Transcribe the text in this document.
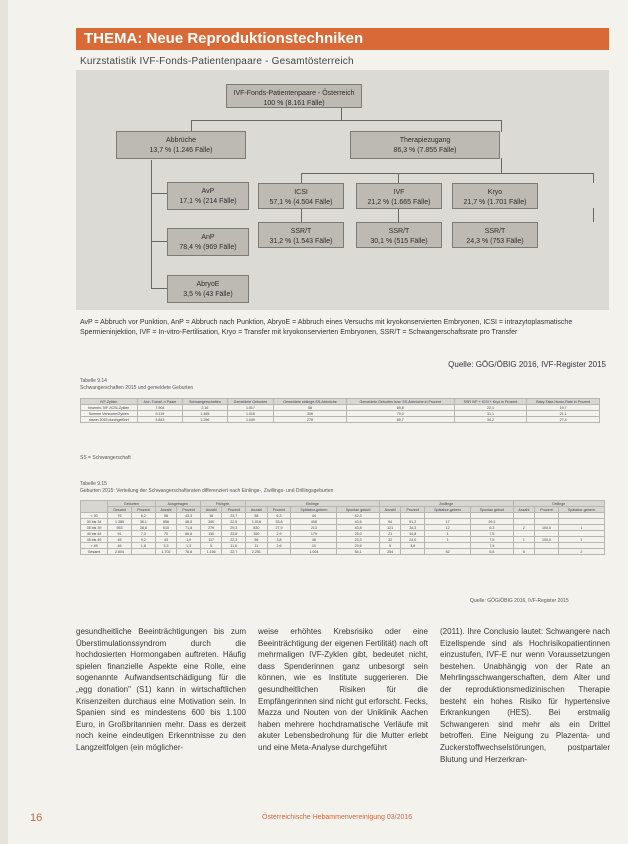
THEMA: Neue Reproduktionstechniken
Kurzstatistik IVF-Fonds-Patientenpaare - Gesamtösterreich
IVF-Fonds-Patientenpaare - Österreich
100 % (8.161 Fälle)
Abbrüche
13,7 % (1.246 Fälle)
Therapiezugang
86,3 % (7.855 Fälle)
AvP
17,1 % (214 Fälle)
AnP
78,4 % (969 Fälle)
AbryoE
3,5 % (43 Fälle)
ICSI
57,1 % (4.504 Fälle)
IVF
21,2 % (1.665 Fälle)
Kryo
21,7 % (1.701 Fälle)
SSR/T
31,2 % (1.543 Fälle)
SSR/T
30,1 % (515 Fälle)
SSR/T
24,3 % (753 Fälle)
AvP = Abbruch vor Punktion, AnP = Abbruch nach Punktion, AbryoE = Abbruch eines Versuchs mit kryokonservierten Embryonen, ICSI = intrazytoplasmatische Spermieninjektion, IVF = In-vitro-Fertilisation, Kryo = Transfer mit kryokonservierten Embryonen, SSR/T = Schwangerschaftsrate pro Transfer
Quelle: GÖG/ÖBIG 2016, IVF-Register 2015
Tabelle 9.14
Schwangerschaften 2015 und gemeldete Geburten
IVF-Zyklen	Anz. Transf. n Paare	Schwangerschaften	Gemeldete Geburten	Gemeldete einlinge-SS-Abbrüche	Gemeldete Geburten bzw. SS-Abbrüche in Prozent	SSR IVF + ICSI + Kryo in Prozent	Baby-Take-Home-Rate in Prozent
Insemin. IVF-/ICSI-Zyklen	7.904	2.16	1.517	58	69,8	22,1	19,7
Summe Versuche/Zyklen	5.119	1.465	1.016	306	70,0	31,1	21,1
davon 2015 durchgeführt	3.843	1.296	1.049	278	80,7	34,2	27,4
SS = Schwangerschaft
Tabelle 9.15
Geburten 2015: Verteilung der Schwangerschaftsraten differenziert nach Einlinge-, Zwillings- und Drillingsgeburten
	Geburten		Ausgetragen		Frühgeb.		Einlinge				Zwillinge				Drillinge		
	Gesamt	Prozent	Anzahl	Prozent	Anzahl	Prozent	Anzahl	Prozent	Spätabor-gebern	Spontan geburt	Anzahl	Prozent	Spätabor-gebern	Spontan geburt	Anzahl	Prozent	Spätabor-gebern
< 30	76	6,2	58	43,3	18	23,7	58	6,3	44	42,3							
30 bis 34	1.385	36,1	856	48,5	340	22,5	1.018	33,8	408	43,5	94	51,2	17	29,3			
35 bis 39	953	38,8	615	71,8	279	29,3	830	27,9	213	43,8	121	34,3	12	6,3	2	100,0	1
40 bis 44	91	7,3	70	66,6	130	23,8	350	2,9	179	25,0	21	44,8	1	7,5			
45 bis 49	45	9,2	43	1,9	117	22,3	56	3,8	46	23,3	32	24,0	1	7,5	1	100,0	1
> 49	46	1,8	3,3	1,3	5	11,6	11	2,6	10	23,6	5	3,8		7,5			
Gesamt	2.604		1.702	76,8	1.156	22,7	2.251		1.004	54,1	254		52	5,8	5		2
Quelle: GÖG/ÖBIG 2016, IVF-Register 2015
gesundheitliche Beeinträchtigungen bis zum Überstimulationssyndrom durch die hochdosierten Hormongaben auftreten. Häufig spielen finanzielle Aspekte eine Rolle, eine sogenannte Aufwandsentschädigung für die „egg donation" (S1) kann in wirtschaftlichen Krisenzeiten durchaus eine Motivation sein. In Spanien sind es mindestens 600 bis 1.100 Euro, in Großbritannien mehr. Dass es derzeit noch keine eindeutigen Erkenntnisse zu den Langzeitfolgen (ein möglicher-
weise erhöhtes Krebsrisiko oder eine Beeinträchtigung der eigenen Fertilität) nach oft mehrmaligen IVF-Zyklen gibt, bedeutet nicht, dass Spenderinnen ganz unbesorgt sein können, wie es Institute suggerieren. Die gesundheitlichen Risiken für die Empfängerinnen sind nicht gut erforscht. Fecks, Mazza und Nouten von der Uniklinik Aachen haben mehrere hochdramatische Verläufe mit akuter Lebensbedrohung für die Mutter erlebt und eine Meta-Analyse durchgeführt
(2011). Ihre Conclusio lautet: Schwangere nach Eizellspende sind als Hochrisikopatientinnen einzustufen, IVF-E nur wenn Voraussetzungen bestehen. Unabhängig von der Rate an Mehrlingsschwangerschaften, dem Alter und der reproduktionsmedizinischen Therapie besteht ein hohes Risiko für hypertensive Erkrankungen (HES). Bei erstmalig Schwangeren sind mehr als ein Drittel betroffen. Eine Neigung zu Plazenta- und Zuckerstoffwechselstörungen, postpartaler Blutung und Herzerkran-
16	Österreichische Hebammenvereinigung 03/2016
